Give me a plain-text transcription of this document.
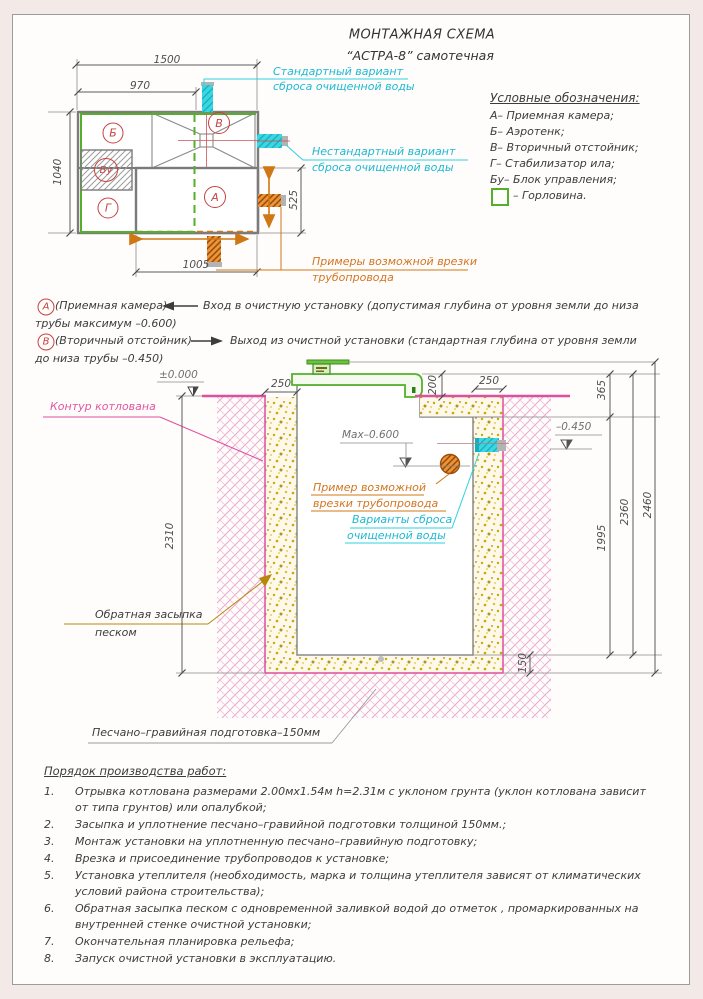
МОНТАЖНАЯ СХЕМА
“АСТРА-8” самотечная
1500
970
1040
525
1005
Б
В
Бу
Г
А
Стандартный вариант
сброса очищенной воды
Нестандартный вариант
сброса очищенной воды
Примеры возможной врезки
трубопровода
Условные обозначения:
А– Приемная камера;
Б– Аэротенк;
В– Вторичный отстойник;
Г– Стабилизатор ила;
Бу– Блок управления;
– Горловина.
А (Приемная камера)	Вход в очистную установку (допустимая глубина от уровня земли до низа
трубы максимум –0.600)
В (Вторичный отстойник)	Выход из очистной установки (стандартная глубина от уровня земли
до низа трубы –0.450)
±0.000
Контур котлована
Max–0.600
–0.450
250	250
200	365
1995
2360 2460
2310
150
Пример возможной
врезки трубопровода
Варианты сброса
очищенной воды
Обратная засыпка
песком
Песчано–гравийная подготовка–150мм
Порядок производства работ:
1.	Отрывка котлована размерами 2.00мх1.54м h=2.31м с уклоном грунта (уклон котлована зависит от типа грунтов) или опалубкой;
2.	Засыпка и уплотнение песчано–гравийной подготовки толщиной 150мм.;
3.	Монтаж установки на уплотненную песчано–гравийную подготовку;
4.	Врезка и присоединение трубопроводов к установке;
5.	Установка утеплителя (необходимость, марка и толщина утеплителя зависят от климатических условий района строительства);
6.	Обратная засыпка песком с одновременной заливкой водой до отметок , промаркированных на внутренней стенке очистной установки;
7.	Окончательная планировка рельефа;
8.	Запуск очистной установки в эксплуатацию.
